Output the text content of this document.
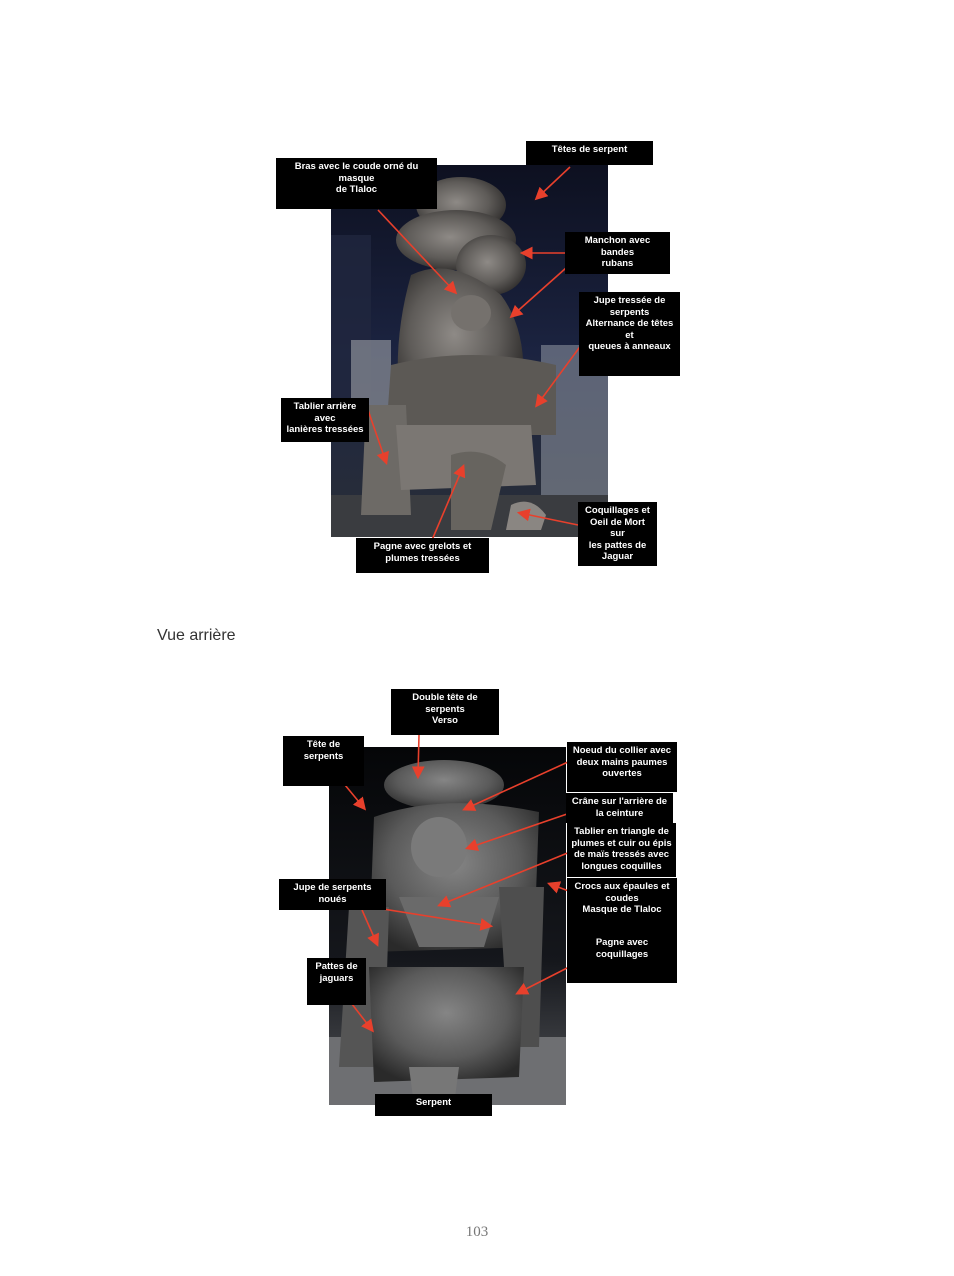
Têtes de serpent
Bras avec le coude orné du masque
de Tlaloc
Manchon avec bandes
rubans
Jupe tressée de
serpents
Alternance de têtes et
queues à anneaux
Tablier arrière avec
lanières tressées
Coquillages et
Oeil de Mort sur
les pattes de
Jaguar
Pagne avec grelots et
plumes tressées
Vue arrière
Double tête de
serpents
Verso
Tête de
serpents	Noeud du collier avec
deux mains paumes
ouvertes
Crâne sur l'arrière de
la ceinture
Tablier en triangle de
plumes et cuir ou épis
de maïs tressés avec
longues coquilles
Jupe de serpents
noués
Crocs aux épaules et
coudes
Masque de Tlaloc
Pagne avec
coquillages
Pattes de
jaguars
Serpent
103
